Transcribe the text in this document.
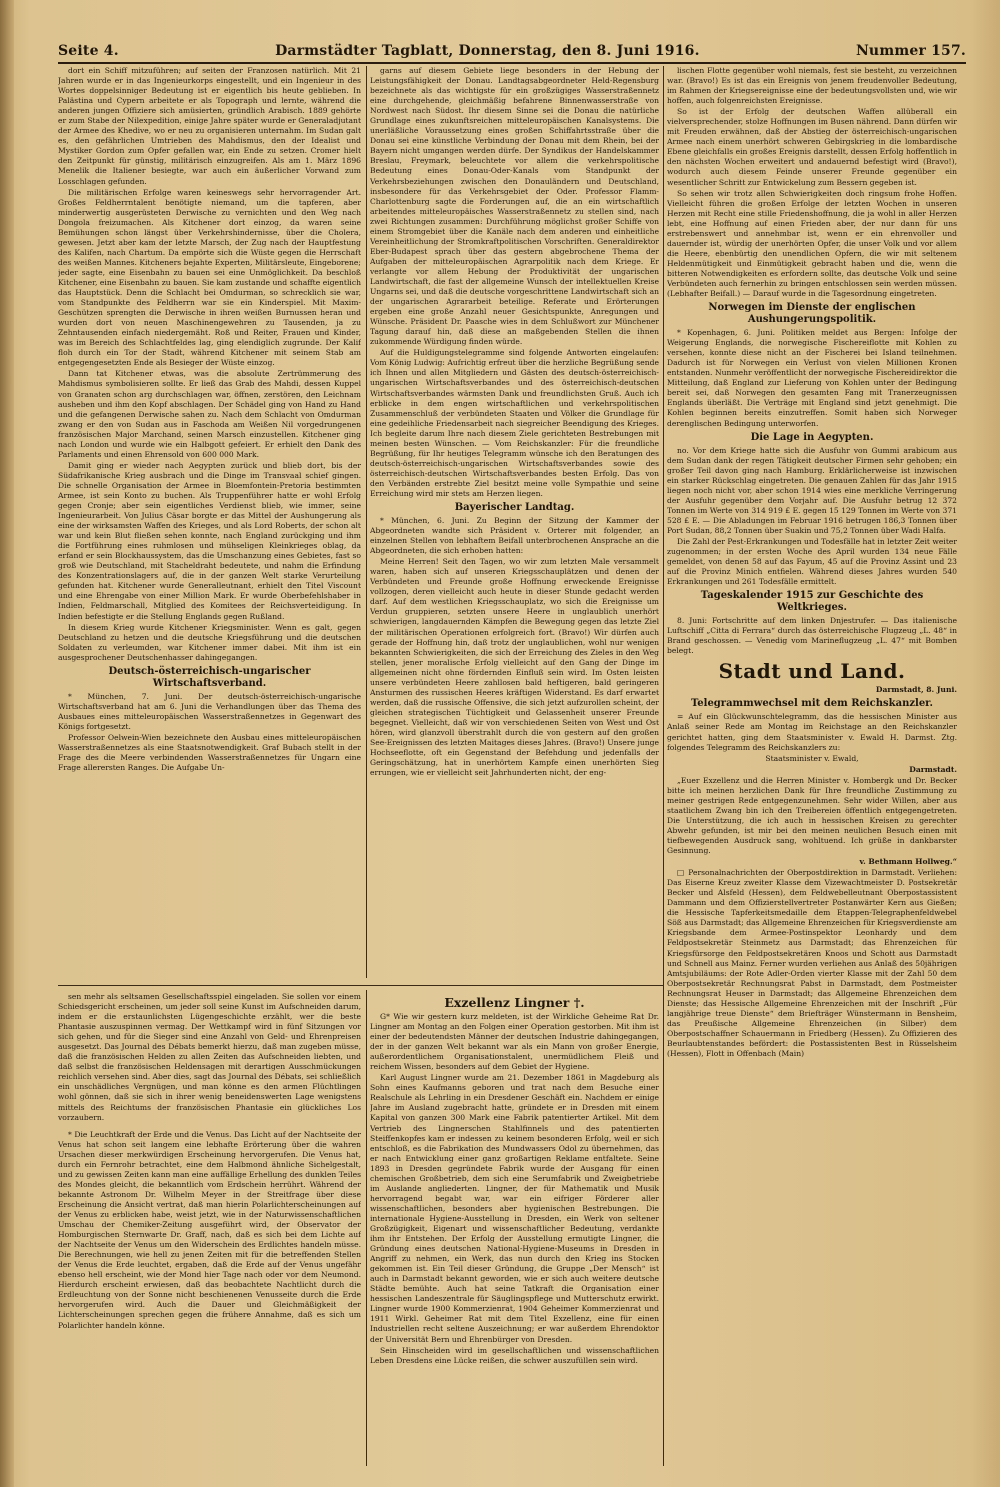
Seite 4.	Darmstädter Tagblatt, Donnerstag, den 8. Juni 1916.	Nummer 157.

dort ein Schiff mitzuführen; auf seiten der Franzosen natürlich. Mit 21 Jahren wurde er in das Ingenieurkorps eingestellt, und ein Ingenieur in des Wortes doppelsinniger Bedeutung ist er eigentlich bis heute geblieben. In Palästina und Cypern arbeitete er als Topograph und lernte, während die anderen jungen Offiziere sich amüsierten, gründlich Arabisch. 1889 gehörte er zum Stabe der Nilexpedition, einige Jahre später wurde er Generaladjutant der Armee des Khedive, wo er neu zu organisieren unternahm. Im Sudan galt es, den gefährlichen Umtrieben des Mahdismus, den der Idealist und Mystiker Gordon zum Opfer gefallen war, ein Ende zu setzen. Cromer hielt den Zeitpunkt für günstig, militärisch einzugreifen. Als am 1. März 1896 Menelik die Italiener besiegte, war auch ein äußerlicher Vorwand zum Losschlagen gefunden.

Die militärischen Erfolge waren keineswegs sehr hervorragender Art. Großes Feldherrntalent benötigte niemand, um die tapferen, aber minderwertig ausgerüsteten Derwische zu vernichten und den Weg nach Dongola freizumachen. Als Kitchener dort einzog, da waren seine Bemühungen schon längst über Verkehrshindernisse, über die Cholera, gewesen. Jetzt aber kam der letzte Marsch, der Zug nach der Hauptfestung des Kalifen, nach Chartum. Da empörte sich die Wüste gegen die Herrschaft des weißen Mannes. Kitcheners bejahte Experten, Militärsleute, Eingeborene; jeder sagte, eine Eisenbahn zu bauen sei eine Unmöglichkeit. Da beschloß Kitchener, eine Eisenbahn zu bauen. Sie kam zustande und schaffte eigentlich das Hauptstück. Denn die Schlacht bei Omdurman, so schrecklich sie war, vom Standpunkte des Feldherrn war sie ein Kinderspiel. Mit Maxim-Geschützen sprengten die Derwische in ihren weißen Burnussen heran und wurden dort von neuen Maschinengewehren zu Tausenden, ja zu Zehntausenden einfach niedergemäht. Roß und Reiter, Frauen und Kinder, was im Bereich des Schlachtfeldes lag, ging elendiglich zugrunde. Der Kalif floh durch ein Tor der Stadt, während Kitchener mit seinem Stab am entgegengesetzten Ende als Besieger der Wüste einzog.

Dann tat Kitchener etwas, was die absolute Zertrümmerung des Mahdismus symbolisieren sollte. Er ließ das Grab des Mahdi, dessen Kuppel von Granaten schon arg durchschlagen war, öffnen, zerstören, den Leichnam ausheben und ihm den Kopf abschlagen. Der Schädel ging von Hand zu Hand und die gefangenen Derwische sahen zu. Nach dem Schlacht von Omdurman zwang er den von Sudan aus in Faschoda am Weißen Nil vorgedrungenen französischen Major Marchand, seinen Marsch einzustellen. Kitchener ging nach London und wurde wie ein Halbgott gefeiert. Er erhielt den Dank des Parlaments und einen Ehrensold von 600 000 Mark.

Damit ging er wieder nach Aegypten zurück und blieb dort, bis der Südafrikanische Krieg ausbrach und die Dinge im Transvaal schief gingen. Die schnelle Organisation der Armee in Bloemfontein-Pretoria bestimmten Armee, ist sein Konto zu buchen. Als Truppenführer hatte er wohl Erfolg gegen Cronje; aber sein eigentliches Verdienst blieb, wie immer, seine Ingenieurarbeit. Von Julius Cäsar borgte er das Mittel der Aushungerung als eine der wirksamsten Waffen des Krieges, und als Lord Roberts, der schon alt war und kein Blut fließen sehen konnte, nach England zurückging und ihm die Fortführung eines ruhmlosen und mühseligen Kleinkrieges oblag, da erfand er sein Blockhaussystem, das die Umschanzung eines Gebietes, fast so groß wie Deutschland, mit Stacheldraht bedeutete, und nahm die Erfindung des Konzentrationslagers auf, die in der ganzen Welt starke Verurteilung gefunden hat. Kitchener wurde Generalleutnant, erhielt den Titel Viscount und eine Ehrengabe von einer Million Mark. Er wurde Oberbefehlshaber in Indien, Feldmarschall, Mitglied des Komitees der Reichsverteidigung. In Indien befestigte er die Stellung Englands gegen Rußland.

In diesem Krieg wurde Kitchener Kriegsminister. Wenn es galt, gegen Deutschland zu hetzen und die deutsche Kriegsführung und die deutschen Soldaten zu verleumden, war Kitchener immer dabei. Mit ihm ist ein ausgesprochener Deutschenhasser dahingegangen.

Deutsch-österreichisch-ungarischer Wirtschaftsverband.

* München, 7. Juni. Der deutsch-österreichisch-ungarische Wirtschaftsverband hat am 6. Juni die Verhandlungen über das Thema des Ausbaues eines mitteleuropäischen Wasserstraßennetzes in Gegenwart des Königs fortgesetzt.

Professor Oelwein-Wien bezeichnete den Ausbau eines mitteleuropäischen Wasserstraßennetzes als eine Staatsnotwendigkeit. Graf Bubach stellt in der Frage des die Meere verbindenden Wasserstraßennetzes für Ungarn eine Frage allerersten Ranges. Die Aufgabe Un-

garns auf diesem Gebiete liege besonders in der Hebung der Leistungsfähigkeit der Donau. Landtagsabgeordneter Held-Regensburg bezeichnete als das wichtigste für ein großzügiges Wasserstraßennetz eine durchgehende, gleichmäßig befahrene Binnenwasserstraße von Nordwest nach Südost. Ihr diesem Sinne sei die Donau die natürliche Grundlage eines zukunftsreichen mitteleuropäischen Kanalsystems. Die unerläßliche Voraussetzung eines großen Schiffahrtsstraße über die Donau sei eine künstliche Verbindung der Donau mit dem Rhein, bei der Bayern nicht umgangen werden dürfe. Der Syndikus der Handelskammer Breslau, Freymark, beleuchtete vor allem die verkehrspolitische Bedeutung eines Donau-Oder-Kanals vom Standpunkt der Verkehrsbeziehungen zwischen den Donauländern und Deutschland, insbesondere für das Verkehrsgebiet der Oder. Professor Flamm-Charlottenburg sagte die Forderungen auf, die an ein wirtschaftlich arbeitendes mitteleuropäisches Wasserstraßennetz zu stellen sind, nach zwei Richtungen zusammen: Durchführung möglichst großer Schiffe von einem Stromgebiet über die Kanäle nach dem anderen und einheitliche Vereinheitlichung der Stromkraftpolitischen Vorschriften. Generaldirektor Eber-Budapest sprach über das gestern abgebrochene Thema der Aufgaben der mitteleuropäischen Agrarpolitik nach dem Kriege. Er verlangte vor allem Hebung der Produktivität der ungarischen Landwirtschaft, die fast der allgemeine Wunsch der intellektuellen Kreise Ungarns sei, und daß die deutsche vorgeschrittene Landwirtschaft sich an der ungarischen Agrararbeit beteilige. Referate und Erörterungen ergeben eine große Anzahl neuer Gesichtspunkte, Anregungen und Wünsche. Präsident Dr. Paasche wies in dem Schlußwort zur Münchener Tagung darauf hin, daß diese an maßgebenden Stellen die ihnen zukommende Würdigung finden würde.

Auf die Huldigungstelegramme sind folgende Antworten eingelaufen: Vom König Ludwig: Aufrichtig erfreut über die herzliche Begrüßung sende ich Ihnen und allen Mitgliedern und Gästen des deutsch-österreichisch-ungarischen Wirtschaftsverbandes und des österreichisch-deutschen Wirtschaftsverbandes wärmsten Dank und freundlichsten Gruß. Auch ich erblicke in dem engen wirtschaftlichen und verkehrspolitischen Zusammenschluß der verbündeten Staaten und Völker die Grundlage für eine gedeihliche Friedensarbeit nach siegreicher Beendigung des Krieges. Ich begleite darum Ihre nach diesem Ziele gerichteten Bestrebungen mit meinen besten Wünschen. — Vom Reichskanzler: Für die freundliche Begrüßung, für Ihr heutiges Telegramm wünsche ich den Beratungen des deutsch-österreichisch-ungarischen Wirtschaftsverbandes sowie des österreichisch-deutschen Wirtschaftsverbandes besten Erfolg. Das von den Verbänden erstrebte Ziel besitzt meine volle Sympathie und seine Erreichung wird mir stets am Herzen liegen.

Bayerischer Landtag.

* München, 6. Juni. Zu Beginn der Sitzung der Kammer der Abgeordneten wandte sich Präsident v. Orterer mit folgender, an einzelnen Stellen von lebhaftem Beifall unterbrochenen Ansprache an die Abgeordneten, die sich erhoben hatten:

Meine Herren! Seit den Tagen, wo wir zum letzten Male versammelt waren, haben sich auf unseren Kriegsschauplätzen und denen der Verbündeten und Freunde große Hoffnung erweckende Ereignisse vollzogen, deren vielleicht auch heute in dieser Stunde gedacht werden darf. Auf dem westlichen Kriegsschauplatz, wo sich die Ereignisse um Verdun gruppieren, setzten unsere Heere in unglaublich unerhört schwierigen, langdauernden Kämpfen die Bewegung gegen das letzte Ziel der militärischen Operationen erfolgreich fort. (Bravo!) Wir dürfen auch gerade der Hoffnung hin, daß trotz der unglaublichen, wohl nur wenigen bekannten Schwierigkeiten, die sich der Erreichung des Zieles in den Weg stellen, jener moralische Erfolg vielleicht auf den Gang der Dinge im allgemeinen nicht ohne fördernden Einfluß sein wird. Im Osten leisten unsere verbündeten Heere zahllosen bald heftigeren, bald geringeren Ansturmen des russischen Heeres kräftigen Widerstand. Es darf erwartet werden, daß die russische Offensive, die sich jetzt aufzurollen scheint, der gleichen strategischen Tüchtigkeit und Gelassenheit unserer Freunde begegnet. Vielleicht, daß wir von verschiedenen Seiten von West und Ost hören, wird glanzvoll überstrahlt durch die von gestern auf den großen See-Ereignissen des letzten Maitages dieses Jahres. (Bravo!) Unsere junge Hochseeflotte, oft ein Gegenstand der Befehdung und jedenfalls der Geringschätzung, hat in unerhörtem Kampfe einen unerhörten Sieg errungen, wie er vielleicht seit Jahrhunderten nicht, der eng-

lischen Flotte gegenüber wohl niemals, fest sie besteht, zu verzeichnen war. (Bravo!) Es ist das ein Ereignis von jenem freudenvoller Bedeutung, im Rahmen der Kriegsereignisse eine der bedeutungsvollsten und, wie wir hoffen, auch folgenreichsten Ereignisse.

So ist der Erfolg der deutschen Waffen allüberall ein vielversprechender, stolze Hoffnungen im Busen nährend. Dann dürfen wir mit Freuden erwähnen, daß der Abstieg der österreichisch-ungarischen Armee nach einem unerhört schweren Gebirgskrieg in die lombardische Ebene gleichfalls ein großes Ereignis darstellt, dessen Erfolg hoffentlich in den nächsten Wochen erweitert und andauernd befestigt wird (Bravo!), wodurch auch diesem Feinde unserer Freunde gegenüber ein wesentlicher Schritt zur Entwickelung zum Bessern gegeben ist.

So sehen wir trotz allen Schwierigkeiten doch ringsum frohe Hoffen. Vielleicht führen die großen Erfolge der letzten Wochen in unseren Herzen mit Recht eine stille Friedenshoffnung, die ja wohl in aller Herzen lebt, eine Hoffnung auf einen Frieden aber, der nur dann für uns erstrebenswert und annehmbar ist, wenn er ein ehrenvoller und dauernder ist, würdig der unerhörten Opfer, die unser Volk und vor allem die Heere, ebenbürtig den unendlichen Opfern, die wir mit seltenem Heldenmütigkeit und Einmütigkeit gebracht haben und die, wenn die bitteren Notwendigkeiten es erfordern sollte, das deutsche Volk und seine Verbündeten auch fernerhin zu bringen entschlossen sein werden müssen. (Lebhafter Beifall.) — Darauf wurde in die Tagesordnung eingetreten.

Norwegen im Dienste der englischen Aushungerungspolitik.

* Kopenhagen, 6. Juni. Politiken meldet aus Bergen: Infolge der Weigerung Englands, die norwegische Fischereiflotte mit Kohlen zu versehen, konnte diese nicht an der Fischerei bei Island teilnehmen. Dadurch ist für Norwegen ein Verlust von vielen Millionen Kronen entstanden. Nunmehr veröffentlicht der norwegische Fischereidirektor die Mitteilung, daß England zur Lieferung von Kohlen unter der Bedingung bereit sei, daß Norwegen den gesamten Fang mit Tranerzeugnissen Englands überläßt. Die Verträge mit England sind jetzt genehmigt. Die Kohlen beginnen bereits einzutreffen. Somit haben sich Norweger derenglischen Bedingung unterworfen.

Die Lage in Aegypten.

no. Vor dem Kriege hatte sich die Ausfuhr von Gummi arabicum aus dem Sudan dank der regen Tätigkeit deutscher Firmen sehr gehoben; ein großer Teil davon ging nach Hamburg. Erklärlicherweise ist inzwischen ein starker Rückschlag eingetreten. Die genauen Zahlen für das Jahr 1915 liegen noch nicht vor, aber schon 1914 wies eine merkliche Verringerung der Ausfuhr gegenüber dem Vorjahr auf. Die Ausfuhr betrug 12 372 Tonnen im Werte von 314 919 £ E. gegen 15 129 Tonnen im Werte von 371 528 £ E. — Die Abladungen im Februar 1916 betrugen 186,3 Tonnen über Port Sudan, 88,2 Tonnen über Suakin und 75,2 Tonnen über Wadi Halfa.

Die Zahl der Pest-Erkrankungen und Todesfälle hat in letzter Zeit weiter zugenommen; in der ersten Woche des April wurden 134 neue Fälle gemeldet, von denen 58 auf das Fayum, 45 auf die Provinz Assint und 23 auf die Provinz Minich entfielen. Während dieses Jahres wurden 540 Erkrankungen und 261 Todesfälle ermittelt.

Tageskalender 1915 zur Geschichte des Weltkrieges.

8. Juni: Fortschritte auf dem linken Dnjestrufer. — Das italienische Luftschiff „Citta di Ferrara“ durch das österreichische Flugzeug „L. 48“ in Brand geschossen. — Venedig vom Marineflugzeug „L. 47“ mit Bomben belegt.

Stadt und Land.

Darmstadt, 8. Juni.

Telegrammwechsel mit dem Reichskanzler.

= Auf ein Glückwunschtelegramm, das die hessischen Minister aus Anlaß seiner Rede am Montag im Reichstage an den Reichskanzler gerichtet hatten, ging dem Staatsminister v. Ewald H. Darmst. Ztg. folgendes Telegramm des Reichskanzlers zu:

Staatsminister v. Ewald,

Darmstadt.

„Euer Exzellenz und die Herren Minister v. Hombergk und Dr. Becker bitte ich meinen herzlichen Dank für Ihre freundliche Zustimmung zu meiner gestrigen Rede entgegenzunehmen. Sehr wider Willen, aber aus staatlichem Zwang bin ich den Treibereien öffentlich entgegengetreten. Die Unterstützung, die ich auch in hessischen Kreisen zu gerechter Abwehr gefunden, ist mir bei den meinen neulichen Besuch einen mit tiefbewegenden Ausdruck sang, wohltuend. Ich grüße in dankbarster Gesinnung.

v. Bethmann Hollweg.“

□ Personalnachrichten der Oberpostdirektion in Darmstadt. Verliehen: Das Eiserne Kreuz zweiter Klasse dem Vizewachtmeister D. Postsekretär Becker und Alsfeld (Hessen), dem Feldwebelleutnant Oberpostassistent Dammann und dem Offizierstellvertreter Postanwärter Kern aus Gießen; die Hessische Tapferkeitsmedaille dem Etappen-Telegraphenfeldwebel Söß aus Darmstadt; das Allgemeine Ehrenzeichen für Kriegsverdienste am Kriegsbande dem Armee-Postinspektor Leonhardy und dem Feldpostsekretär Steinmetz aus Darmstadt; das Ehrenzeichen für Kriegsfürsorge den Feldpostsekretären Knoos und Schott aus Darmstadt und Schnell aus Mainz. Ferner wurden verliehen aus Anlaß des 50jährigen Amtsjubiläums: der Rote Adler-Orden vierter Klasse mit der Zahl 50 dem Oberpostsekretär Rechnungsrat Pabst in Darmstadt, dem Postmeister Rechnungsrat Heuser in Darmstadt; das Allgemeine Ehrenzeichen dem Dienste; das Hessische Allgemeine Ehrenzeichen mit der Inschrift „Für langjährige treue Dienste“ dem Briefträger Wünstermann in Bensheim, das Preußische Allgemeine Ehrenzeichen (in Silber) dem Oberpostschaffner Schauermann in Friedberg (Hessen). Zu Offizieren des Beurlaubtenstandes befördert: die Postassistenten Best in Rüsselsheim (Hessen), Flott in Offenbach (Main)

sen mehr als seltsamen Gesellschaftsspiel eingeladen. Sie sollen vor einem Schiedsgericht erscheinen, um jeder soll seine Kunst im Aufschneiden darum, indem er die erstaunlichsten Lügengeschichte erzählt, wer die beste Phantasie auszuspinnen vermag. Der Wettkampf wird in fünf Sitzungen vor sich gehen, und für die Sieger sind eine Anzahl von Geld- und Ehrenpreisen ausgesetzt. Das Journal des Débats bemerkt hierzu, daß man zugeben müsse, daß die französischen Helden zu allen Zeiten das Aufschneiden liebten, und daß selbst die französischen Heldensagen mit derartigen Ausschmückungen reichlich versehen sind. Aber dies, sagt das Journal des Débats, sei schließlich ein unschädliches Vergnügen, und man könne es den armen Flüchtlingen wohl gönnen, daß sie sich in ihrer wenig beneidenswerten Lage wenigstens mittels des Reichtums der französischen Phantasie ein glückliches Los vorzaubern.

* Die Leuchtkraft der Erde und die Venus. Das Licht auf der Nachtseite der Venus hat schon seit langem eine lebhafte Erörterung über die wahren Ursachen dieser merkwürdigen Erscheinung hervorgerufen. Die Venus hat, durch ein Fernrohr betrachtet, eine dem Halbmond ähnliche Sichelgestalt, und zu gewissen Zeiten kann man eine auffällige Erhellung des dunklen Teiles des Mondes gleicht, die bekanntlich vom Erdschein herrührt. Während der bekannte Astronom Dr. Wilhelm Meyer in der Streitfrage über diese Erscheinung die Ansicht vertrat, daß man hierin Polarlichterscheinungen auf der Venus zu erblicken habe, weist jetzt, wie in der Naturwissenschaftlichen Umschau der Chemiker-Zeitung ausgeführt wird, der Observator der Homburgischen Sternwarte Dr. Graff, nach, daß es sich bei dem Lichte auf der Nachtseite der Venus um den Widerschein des Erdlichtes handeln müsse. Die Berechnungen, wie hell zu jenen Zeiten mit für die betreffenden Stellen der Venus die Erde leuchtet, ergaben, daß die Erde auf der Venus ungefähr ebenso hell erscheint, wie der Mond hier Tage nach oder vor dem Neumond. Hierdurch erscheint erwiesen, daß das beobachtete Nachtlicht durch die Erdleuchtung von der Sonne nicht beschienenen Venusseite durch die Erde hervorgerufen wird. Auch die Dauer und Gleichmäßigkeit der Lichterscheinungen sprechen gegen die frühere Annahme, daß es sich um Polarlichter handeln könne.

Exzellenz Lingner †.

G* Wie wir gestern kurz meldeten, ist der Wirkliche Geheime Rat Dr. Lingner am Montag an den Folgen einer Operation gestorben. Mit ihm ist einer der bedeutendsten Männer der deutschen Industrie dahingegangen, der in der ganzen Welt bekannt war als ein Mann von großer Energie, außerordentlichem Organisationstalent, unermüdlichem Fleiß und reichem Wissen, besonders auf dem Gebiet der Hygiene.

Karl August Lingner wurde am 21. Dezember 1861 in Magdeburg als Sohn eines Kaufmanns geboren und trat nach dem Besuche einer Realschule als Lehrling in ein Dresdener Geschäft ein. Nachdem er einige Jahre im Ausland zugebracht hatte, gründete er in Dresden mit einem Kapital von ganzen 300 Mark eine Fabrik patentierter Artikel. Mit dem Vertrieb des Lingnerschen Stahlfinnels und des patentierten Steiffenkopfes kam er indessen zu keinem besonderen Erfolg, weil er sich entschloß, es die Fabrikation des Mundwassers Odol zu übernehmen, das er nach Entwicklung einer ganz großartigen Reklame entfaltete. Seine 1893 in Dresden gegründete Fabrik wurde der Ausgang für einen chemischen Großbetrieb, dem sich eine Serumfabrik und Zweigbetriebe im Auslande angliederten. Lingner, der für Mathematik und Musik hervorragend begabt war, war ein eifriger Förderer aller wissenschaftlichen, besonders aber hygienischen Bestrebungen. Die internationale Hygiene-Ausstellung in Dresden, ein Werk von seltener Großzügigkeit, Eigenart und wissenschaftlicher Bedeutung, verdankte ihm ihr Entstehen. Der Erfolg der Ausstellung ermutigte Lingner, die Gründung eines deutschen National-Hygiene-Museums in Dresden in Angriff zu nehmen, ein Werk, das nun durch den Krieg ins Stocken gekommen ist. Ein Teil dieser Gründung, die Gruppe „Der Mensch“ ist auch in Darmstadt bekannt geworden, wie er sich auch weitere deutsche Städte bemühte. Auch hat seine Tatkraft die Organisation einer hessischen Landeszentrale für Säuglingspflege und Mutterschutz erwirkt. Lingner wurde 1900 Kommerzienrat, 1904 Geheimer Kommerzienrat und 1911 Wirkl. Geheimer Rat mit dem Titel Exzellenz, eine für einen Industriellen recht seltene Auszeichnung; er war außerdem Ehrendoktor der Universität Bern und Ehrenbürger von Dresden.

Sein Hinscheiden wird im gesellschaftlichen und wissenschaftlichen Leben Dresdens eine Lücke reißen, die schwer auszufüllen sein wird.
